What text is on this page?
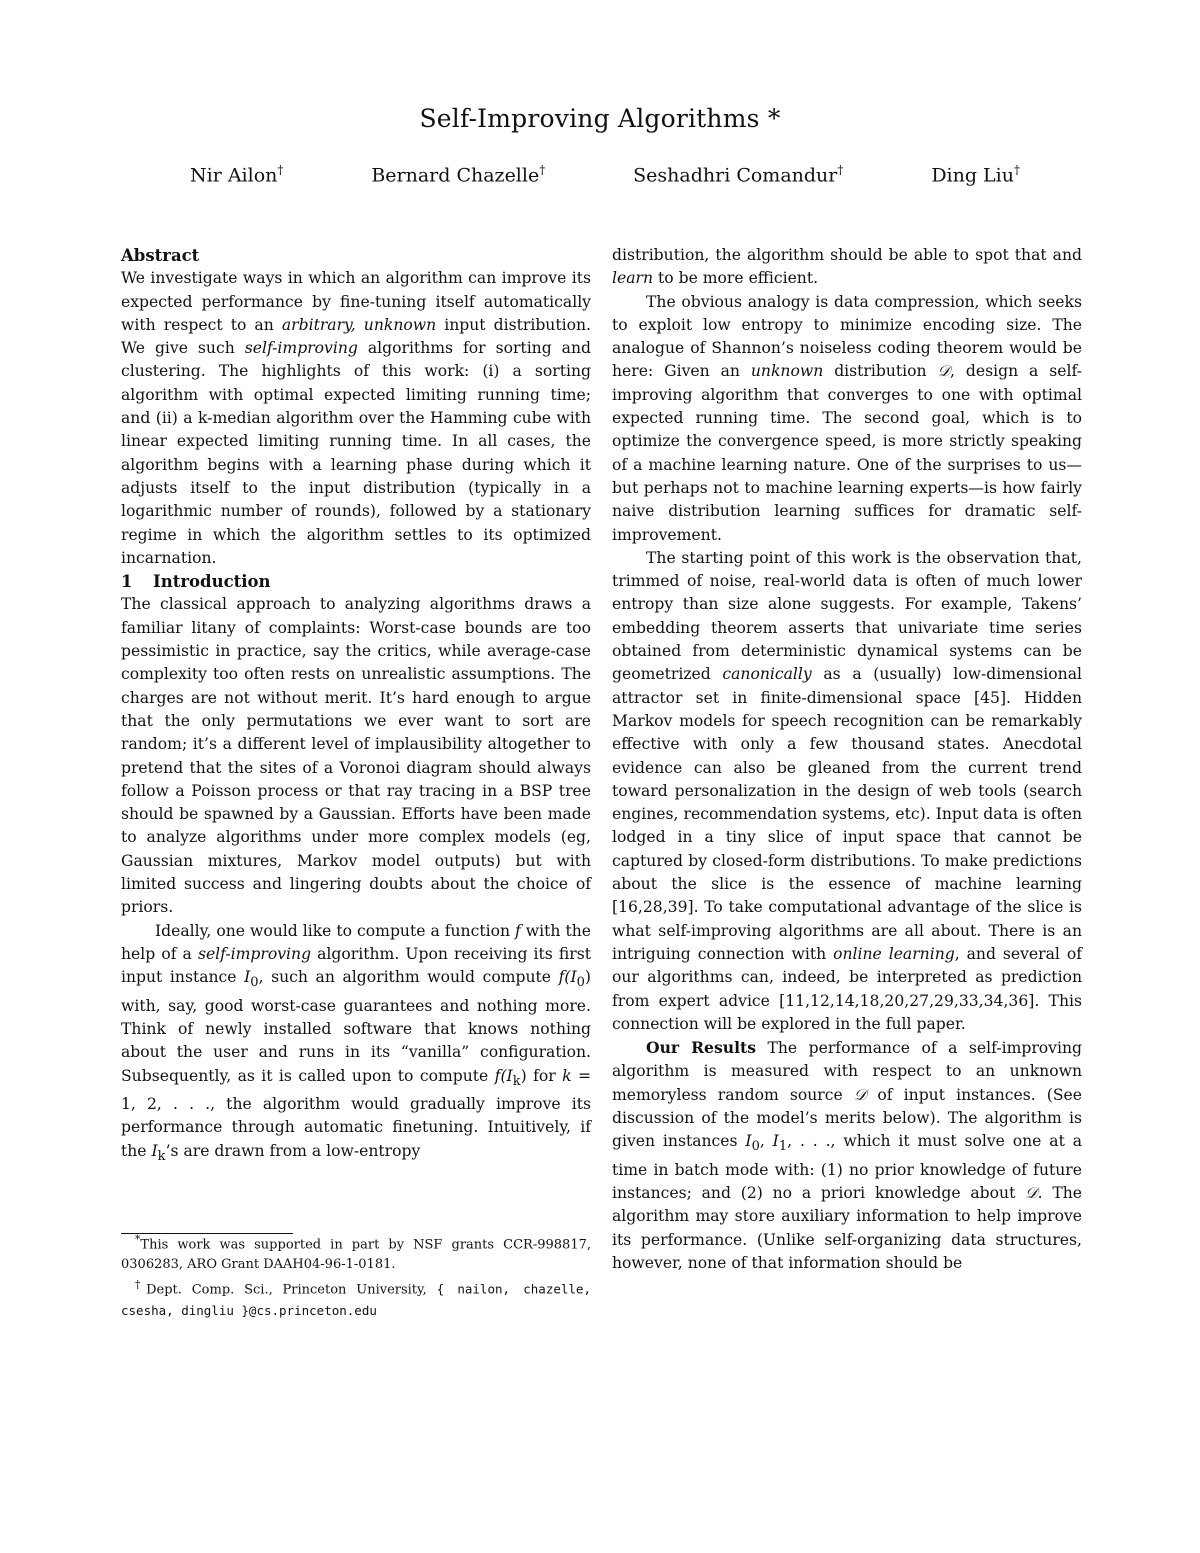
Self-Improving Algorithms *
Nir Ailon†	Bernard Chazelle†	Seshadhri Comandur†	Ding Liu†

Abstract

We investigate ways in which an algorithm can improve its expected performance by fine-tuning itself automatically with respect to an arbitrary, unknown input distribution. We give such self-improving algorithms for sorting and clustering. The highlights of this work: (i) a sorting algorithm with optimal expected limiting running time; and (ii) a k-median algorithm over the Hamming cube with linear expected limiting running time. In all cases, the algorithm begins with a learning phase during which it adjusts itself to the input distribution (typically in a logarithmic number of rounds), followed by a stationary regime in which the algorithm settles to its optimized incarnation.

1 Introduction

The classical approach to analyzing algorithms draws a familiar litany of complaints: Worst-case bounds are too pessimistic in practice, say the critics, while average-case complexity too often rests on unrealistic assumptions. The charges are not without merit. It’s hard enough to argue that the only permutations we ever want to sort are random; it’s a different level of implausibility altogether to pretend that the sites of a Voronoi diagram should always follow a Poisson process or that ray tracing in a BSP tree should be spawned by a Gaussian. Efforts have been made to analyze algorithms under more complex models (eg, Gaussian mixtures, Markov model outputs) but with limited success and lingering doubts about the choice of priors.

Ideally, one would like to compute a function f with the help of a self-improving algorithm. Upon receiving its first input instance $I_0$, such an algorithm would compute $f(I_0)$ with, say, good worst-case guarantees and nothing more. Think of newly installed software that knows nothing about the user and runs in its “vanilla” configuration. Subsequently, as it is called upon to compute $f(I_k)$ for k = 1, 2, . . ., the algorithm would gradually improve its performance through automatic finetuning. Intuitively, if the $I_k’s$ are drawn from a low-entropy

*This work was supported in part by NSF grants CCR-998817, 0306283, ARO Grant DAAH04-96-1-0181.

†Dept. Comp. Sci., Princeton University, { nailon, chazelle, csesha, dingliu }@cs.princeton.edu

distribution, the algorithm should be able to spot that and learn to be more efficient.

The obvious analogy is data compression, which seeks to exploit low entropy to minimize encoding size. The analogue of Shannon’s noiseless coding theorem would be here: Given an unknown distribution 𝒟, design a self-improving algorithm that converges to one with optimal expected running time. The second goal, which is to optimize the convergence speed, is more strictly speaking of a machine learning nature. One of the surprises to us—but perhaps not to machine learning experts—is how fairly naive distribution learning suffices for dramatic self-improvement.

The starting point of this work is the observation that, trimmed of noise, real-world data is often of much lower entropy than size alone suggests. For example, Takens’ embedding theorem asserts that univariate time series obtained from deterministic dynamical systems can be geometrized canonically as a (usually) low-dimensional attractor set in finite-dimensional space [45]. Hidden Markov models for speech recognition can be remarkably effective with only a few thousand states. Anecdotal evidence can also be gleaned from the current trend toward personalization in the design of web tools (search engines, recommendation systems, etc). Input data is often lodged in a tiny slice of input space that cannot be captured by closed-form distributions. To make predictions about the slice is the essence of machine learning [16,28,39]. To take computational advantage of the slice is what self-improving algorithms are all about. There is an intriguing connection with online learning, and several of our algorithms can, indeed, be interpreted as prediction from expert advice [11,12,14,18,20,27,29,33,34,36]. This connection will be explored in the full paper.

Our Results The performance of a self-improving algorithm is measured with respect to an unknown memoryless random source 𝒟 of input instances. (See discussion of the model’s merits below). The algorithm is given instances $I_0$, $I_1$, . . ., which it must solve one at a time in batch mode with: (1) no prior knowledge of future instances; and (2) no a priori knowledge about 𝒟. The algorithm may store auxiliary information to help improve its performance. (Unlike self-organizing data structures, however, none of that information should be
